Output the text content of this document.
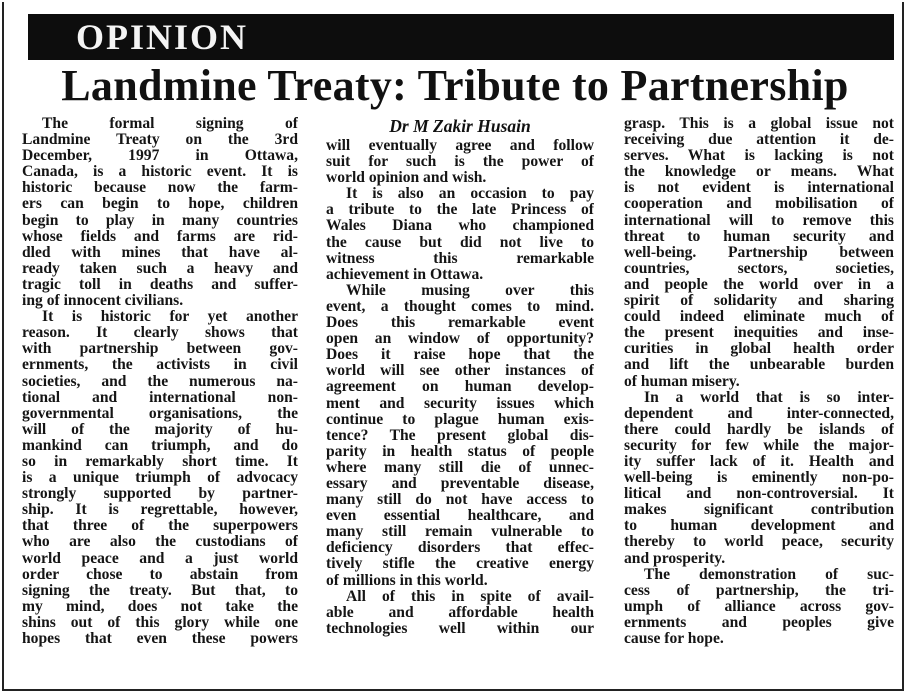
OPINION
Landmine Treaty: Tribute to Partnership
The formal signing of
Landmine Treaty on the 3rd
December, 1997 in Ottawa,
Canada, is a historic event. It is
historic because now the farm-
ers can begin to hope, children
begin to play in many countries
whose fields and farms are rid-
dled with mines that have al-
ready taken such a heavy and
tragic toll in deaths and suffer-
ing of innocent civilians.
It is historic for yet another
reason. It clearly shows that
with partnership between gov-
ernments, the activists in civil
societies, and the numerous na-
tional and international non-
governmental organisations, the
will of the majority of hu-
mankind can triumph, and do
so in remarkably short time. It
is a unique triumph of advocacy
strongly supported by partner-
ship. It is regrettable, however,
that three of the superpowers
who are also the custodians of
world peace and a just world
order chose to abstain from
signing the treaty. But that, to
my mind, does not take the
shins out of this glory while one
hopes that even these powers
Dr M Zakir Husain
will eventually agree and follow
suit for such is the power of
world opinion and wish.
It is also an occasion to pay
a tribute to the late Princess of
Wales Diana who championed
the cause but did not live to
witness this remarkable
achievement in Ottawa.
While musing over this
event, a thought comes to mind.
Does this remarkable event
open an window of opportunity?
Does it raise hope that the
world will see other instances of
agreement on human develop-
ment and security issues which
continue to plague human exis-
tence? The present global dis-
parity in health status of people
where many still die of unnec-
essary and preventable disease,
many still do not have access to
even essential healthcare, and
many still remain vulnerable to
deficiency disorders that effec-
tively stifle the creative energy
of millions in this world.
All of this in spite of avail-
able and affordable health
technologies well within our
grasp. This is a global issue not
receiving due attention it de-
serves. What is lacking is not
the knowledge or means. What
is not evident is international
cooperation and mobilisation of
international will to remove this
threat to human security and
well-being. Partnership between
countries, sectors, societies,
and people the world over in a
spirit of solidarity and sharing
could indeed eliminate much of
the present inequities and inse-
curities in global health order
and lift the unbearable burden
of human misery.
In a world that is so inter-
dependent and inter-connected,
there could hardly be islands of
security for few while the major-
ity suffer lack of it. Health and
well-being is eminently non-po-
litical and non-controversial. It
makes significant contribution
to human development and
thereby to world peace, security
and prosperity.
The demonstration of suc-
cess of partnership, the tri-
umph of alliance across gov-
ernments and peoples give
cause for hope.
